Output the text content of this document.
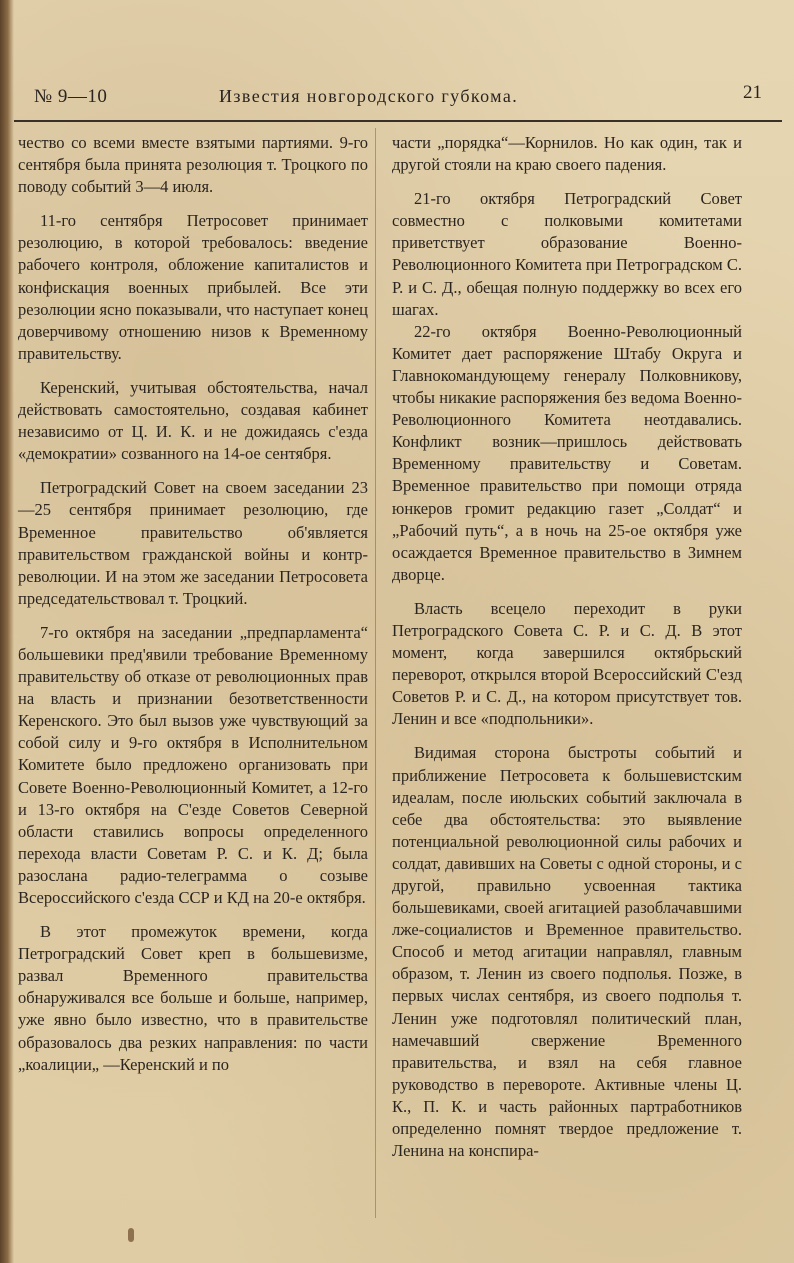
№ 9—10	Известия новгородского губкома.	21

чество со всеми вместе взятыми партиями. 9-го сентября была принята резолюция т. Троцкого по поводу событий 3—4 июля.

11-го сентября Петросовет принимает резолюцию, в которой требовалось: введение рабочего контроля, обложение капиталистов и конфискация военных прибылей. Все эти резолюции ясно показывали, что наступает конец доверчивому отношению низов к Временному правительству.

Керенский, учитывая обстоятельства, начал действовать самостоятельно, создавая кабинет независимо от Ц. И. К. и не дожидаясь с'езда «демократии» созванного на 14-ое сентября.

Петроградский Совет на своем заседании 23—25 сентября принимает резолюцию, где Временное правительство об'является правительством гражданской войны и контр-революции. И на этом же заседании Петросовета председательствовал т. Троцкий.

7-го октября на заседании „предпарламента“ большевики пред'явили требование Временному правительству об отказе от революционных прав на власть и признании безответственности Керенского. Это был вызов уже чувствующий за собой силу и 9-го октября в Исполнительном Комитете было предложено организовать при Совете Военно-Революционный Комитет, а 12-го и 13-го октября на С'езде Советов Северной области ставились вопросы определенного перехода власти Советам Р. С. и К. Д; была разослана радио-телеграмма о созыве Всероссийского с'езда ССР и КД на 20-е октября.

В этот промежуток времени, когда Петроградский Совет креп в большевизме, развал Временного правительства обнаруживался все больше и больше, например, уже явно было известно, что в правительстве образовалось два резких направления: по части „коалиции„ —Керенский и по

части „порядка“—Корнилов. Но как один, так и другой стояли на краю своего падения.

21-го октября Петроградский Совет совместно с полковыми комитетами приветствует образование Военно-Революционного Комитета при Петроградском С. Р. и С. Д., обещая полную поддержку во всех его шагах.

22-го октября Военно-Революционный Комитет дает распоряжение Штабу Округа и Главнокомандующему генералу Полковникову, чтобы никакие распоряжения без ведома Военно-Революционного Комитета неотдавались. Конфликт возник—пришлось действовать Временному правительству и Советам. Временное правительство при помощи отряда юнкеров громит редакцию газет „Солдат“ и „Рабочий путь“, а в ночь на 25-ое октября уже осаждается Временное правительство в Зимнем дворце.

Власть всецело переходит в руки Петроградского Совета С. Р. и С. Д. В этот момент, когда завершился октябрьский переворот, открылся второй Всероссийский С'езд Советов Р. и С. Д., на котором присутствует тов. Ленин и все «подпольники».

Видимая сторона быстроты событий и приближение Петросовета к большевистским идеалам, после июльских событий заключала в себе два обстоятельства: это выявление потенциальной революционной силы рабочих и солдат, давивших на Советы с одной стороны, и с другой, правильно усвоенная тактика большевиками, своей агитацией разоблачавшими лже-социалистов и Временное правительство. Способ и метод агитации направлял, главным образом, т. Ленин из своего подполья. Позже, в первых числах сентября, из своего подполья т. Ленин уже подготовлял политический план, намечавший свержение Временного правительства, и взял на себя главное руководство в перевороте. Активные члены Ц. К., П. К. и часть районных партработников определенно помнят твердое предложение т. Ленина на конспира-
